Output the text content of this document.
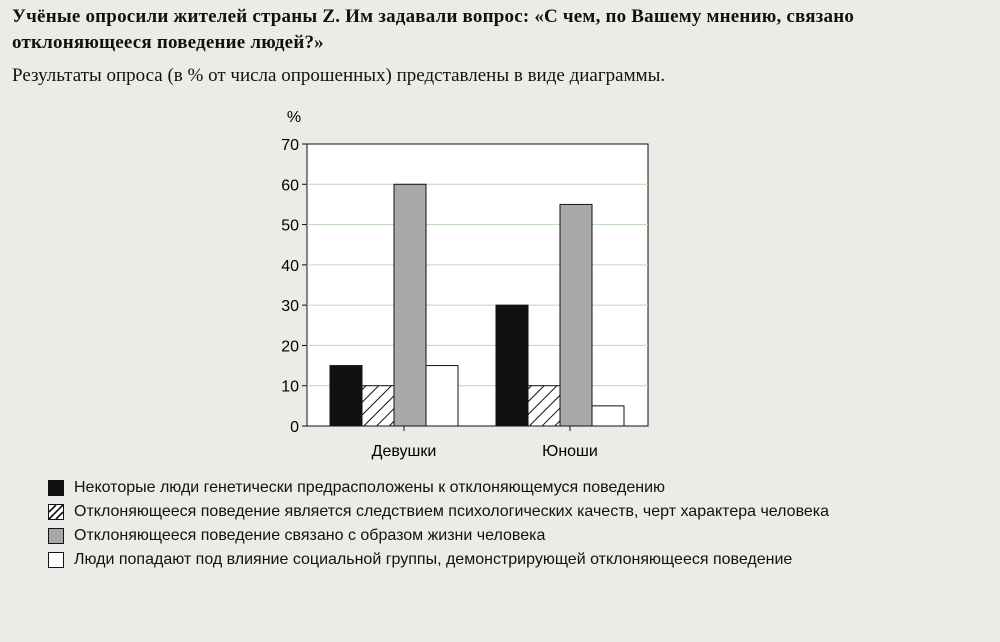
Учёные опросили жителей страны Z. Им задавали вопрос: «С чем, по Вашему мнению, связано отклоняющееся поведение людей?»
Результаты опроса (в % от числа опрошенных) представлены в виде диаграммы.
0
10
20
30
40
50
60
70
Девушки	Юноши
%
Некоторые люди генетически предрасположены к отклоняющемуся поведению
Отклоняющееся поведение является следствием психологических качеств, черт характера человека
Отклоняющееся поведение связано с образом жизни человека
Люди попадают под влияние социальной группы, демонстрирующей отклоняющееся поведение
